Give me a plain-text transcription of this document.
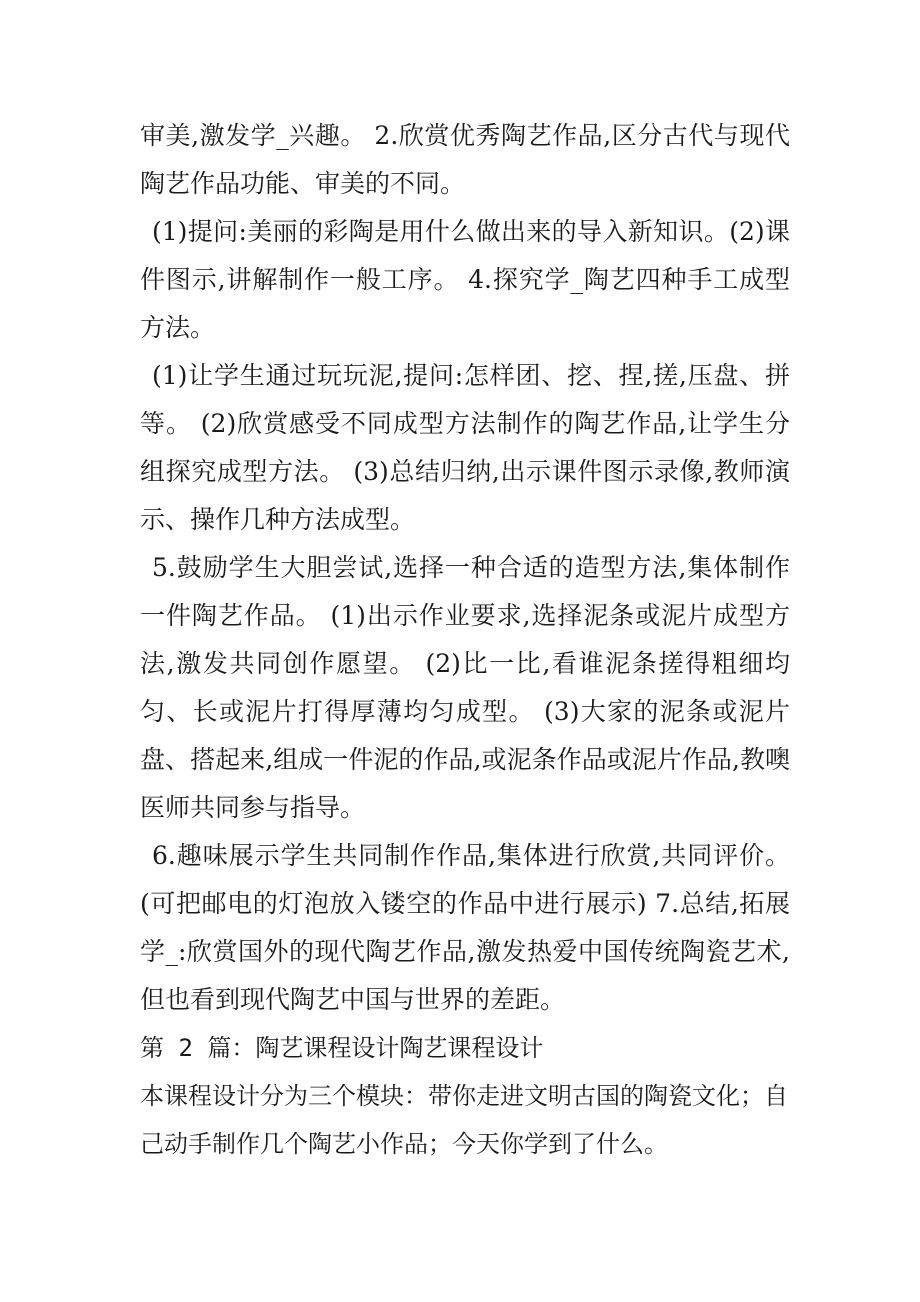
审美,激发学_兴趣。 2.欣赏优秀陶艺作品,区分古代与现代陶艺作品功能、审美的不同。

(1)提问:美丽的彩陶是用什么做出来的导入新知识。(2)课件图示,讲解制作一般工序。 4.探究学_陶艺四种手工成型方法。

(1)让学生通过玩玩泥,提问:怎样团、挖、捏,搓,压盘、拼等。 (2)欣赏感受不同成型方法制作的陶艺作品,让学生分组探究成型方法。 (3)总结归纳,出示课件图示录像,教师演示、操作几种方法成型。

5.鼓励学生大胆尝试,选择一种合适的造型方法,集体制作一件陶艺作品。 (1)出示作业要求,选择泥条或泥片成型方法,激发共同创作愿望。 (2)比一比,看谁泥条搓得粗细均匀、长或泥片打得厚薄均匀成型。 (3)大家的泥条或泥片盘、搭起来,组成一件泥的作品,或泥条作品或泥片作品,教噢医师共同参与指导。

6.趣味展示学生共同制作作品,集体进行欣赏,共同评价。(可把邮电的灯泡放入镂空的作品中进行展示) 7.总结,拓展学_:欣赏国外的现代陶艺作品,激发热爱中国传统陶瓷艺术,但也看到现代陶艺中国与世界的差距。

第 2 篇：陶艺课程设计陶艺课程设计

本课程设计分为三个模块：带你走进文明古国的陶瓷文化；自己动手制作几个陶艺小作品；今天你学到了什么。
